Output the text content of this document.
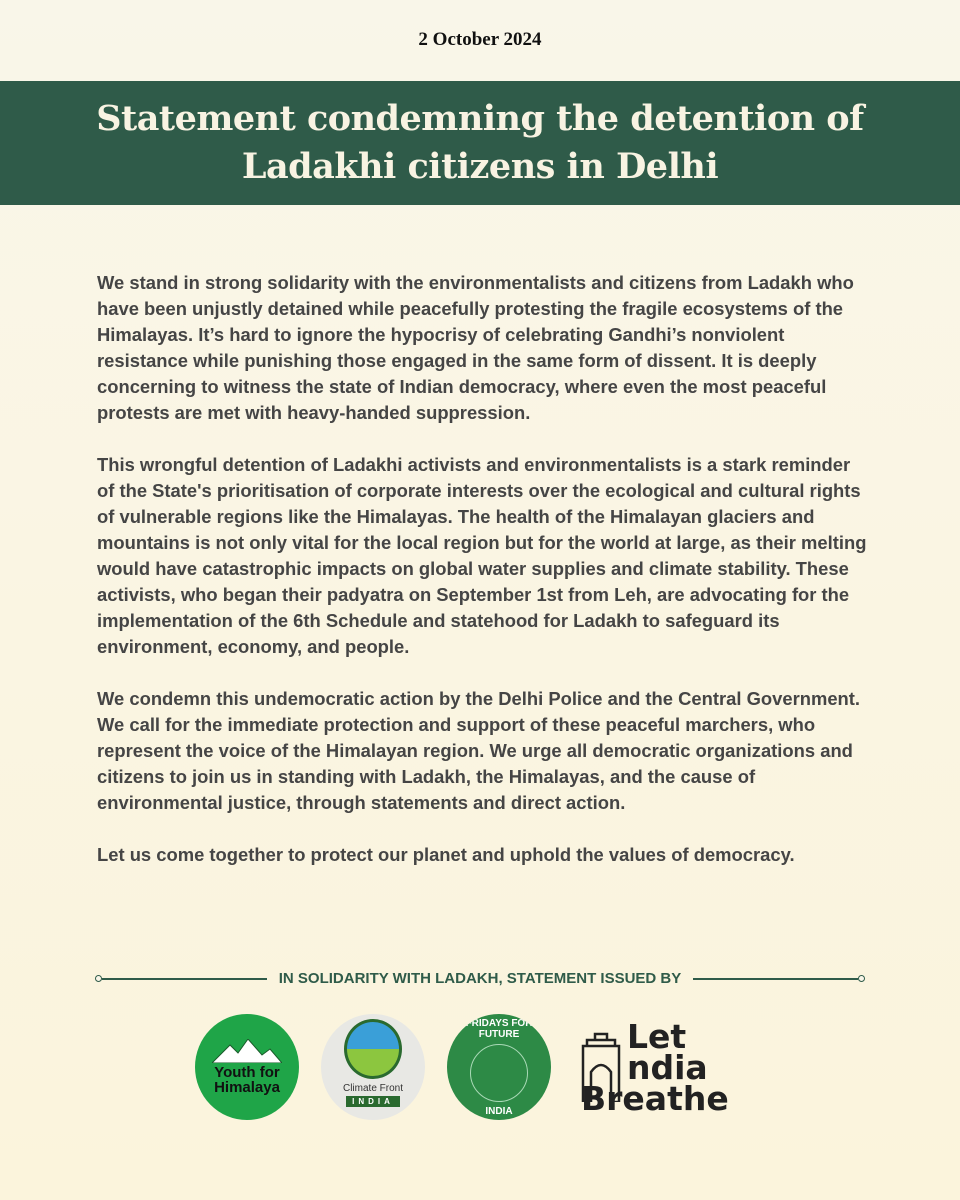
2 October 2024
Statement condemning the detention of Ladakhi citizens in Delhi

We stand in strong solidarity with the environmentalists and citizens from Ladakh who have been unjustly detained while peacefully protesting the fragile ecosystems of the Himalayas. It’s hard to ignore the hypocrisy of celebrating Gandhi’s nonviolent resistance while punishing those engaged in the same form of dissent. It is deeply concerning to witness the state of Indian democracy, where even the most peaceful protests are met with heavy-handed suppression.

This wrongful detention of Ladakhi activists and environmentalists is a stark reminder of the State's prioritisation of corporate interests over the ecological and cultural rights of vulnerable regions like the Himalayas. The health of the Himalayan glaciers and mountains is not only vital for the local region but for the world at large, as their melting would have catastrophic impacts on global water supplies and climate stability. These activists, who began their padyatra on September 1st from Leh, are advocating for the implementation of the 6th Schedule and statehood for Ladakh to safeguard its environment, economy, and people.

We condemn this undemocratic action by the Delhi Police and the Central Government. We call for the immediate protection and support of these peaceful marchers, who represent the voice of the Himalayan region. We urge all democratic organizations and citizens to join us in standing with Ladakh, the Himalayas, and the cause of environmental justice, through statements and direct action.

Let us come together to protect our planet and uphold the values of democracy.

IN SOLIDARITY WITH LADAKH, STATEMENT ISSUED BY
Youth for Himalaya	Climate Front
INDIA
FRIDAYS FOR FUTURE
INDIA
Let
ndia
Breathe
